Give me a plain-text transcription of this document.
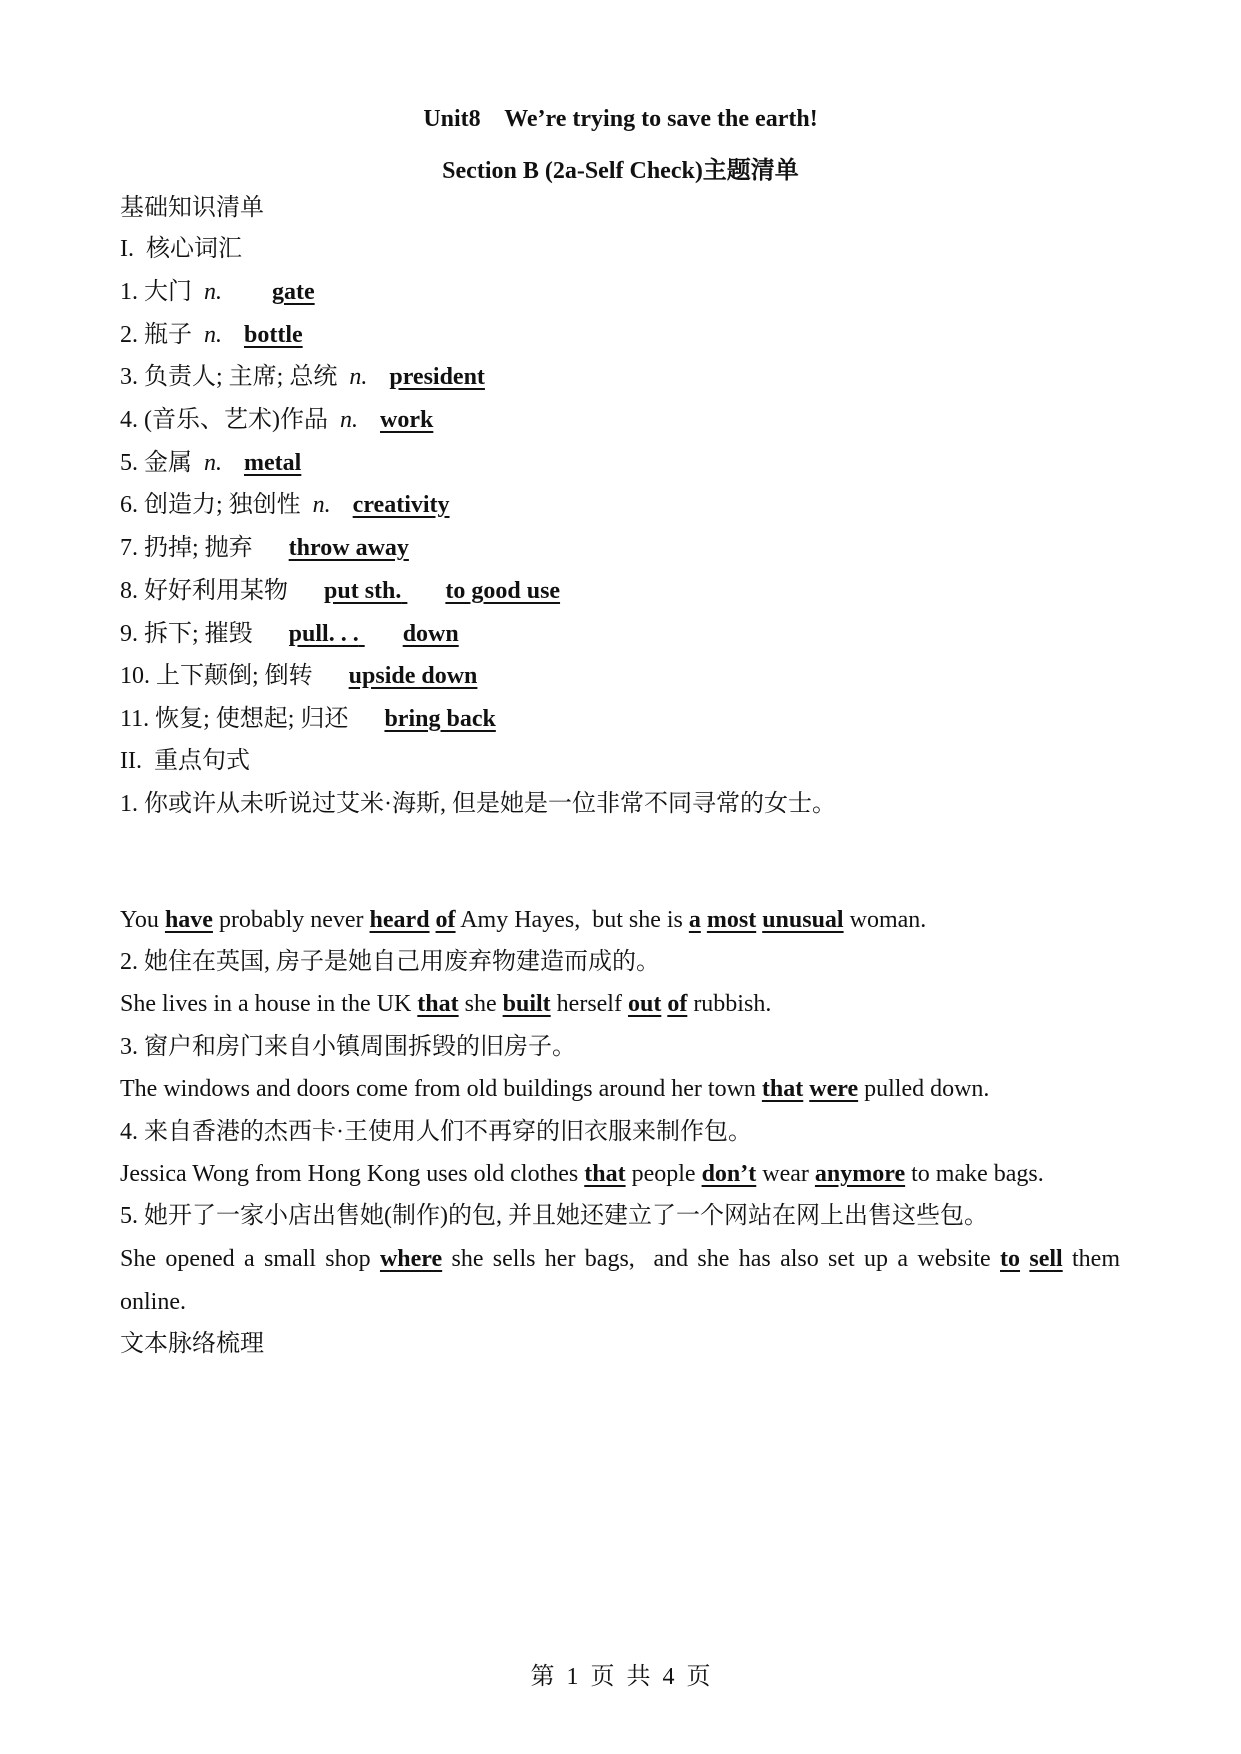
Unit8    We’re trying to save the earth!
Section B (2a-Self Check)主题清单
基础知识清单
I.  核心词汇
1. 大门 n. gate
2. 瓶子 n. bottle
3. 负责人; 主席; 总统 n. president
4. (音乐、艺术)作品 n. work
5. 金属 n. metal
6. 创造力; 独创性 n. creativity
7. 扔掉; 抛弃 throw away
8. 好好利用某物 put sth. to good use
9. 拆下; 摧毁 pull. . . down
10. 上下颠倒; 倒转 upside down
11. 恢复; 使想起; 归还 bring back
II.  重点句式
1. 你或许从未听说过艾米·海斯, 但是她是一位非常不同寻常的女士。
You have probably never heard of Amy Hayes,  but she is a most unusual woman.
2. 她住在英国, 房子是她自己用废弃物建造而成的。
She lives in a house in the UK that she built herself out of rubbish.
3. 窗户和房门来自小镇周围拆毁的旧房子。
The windows and doors come from old buildings around her town that were pulled down.
4. 来自香港的杰西卡·王使用人们不再穿的旧衣服来制作包。
Jessica Wong from Hong Kong uses old clothes that people don’t wear anymore to make bags.
5. 她开了一家小店出售她(制作)的包, 并且她还建立了一个网站在网上出售这些包。
She opened a small shop where she sells her bags,  and she has also set up a website to sell them
online.
文本脉络梳理
第  1  页  共  4  页
